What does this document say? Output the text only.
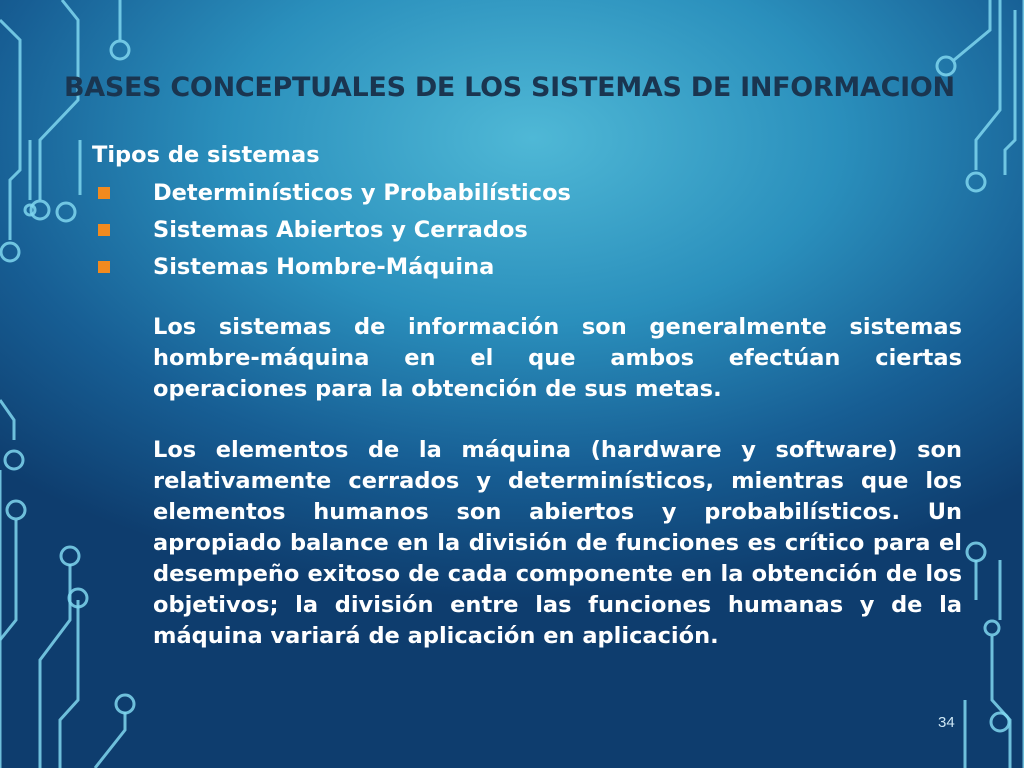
BASES CONCEPTUALES DE LOS SISTEMAS DE INFORMACION
Tipos de sistemas
Determinísticos y Probabilísticos
Sistemas Abiertos y Cerrados
Sistemas Hombre-Máquina
Los sistemas de información son generalmente sistemas hombre-máquina en el que ambos efectúan ciertas operaciones para la obtención de sus metas.
Los elementos de la máquina (hardware y software) son relativamente cerrados y determinísticos, mientras que los elementos humanos son abiertos y probabilísticos. Un apropiado balance en la división de funciones es crítico para el desempeño exitoso de cada componente en la obtención de los objetivos; la división entre las funciones humanas y de la máquina variará de aplicación en aplicación.
34
